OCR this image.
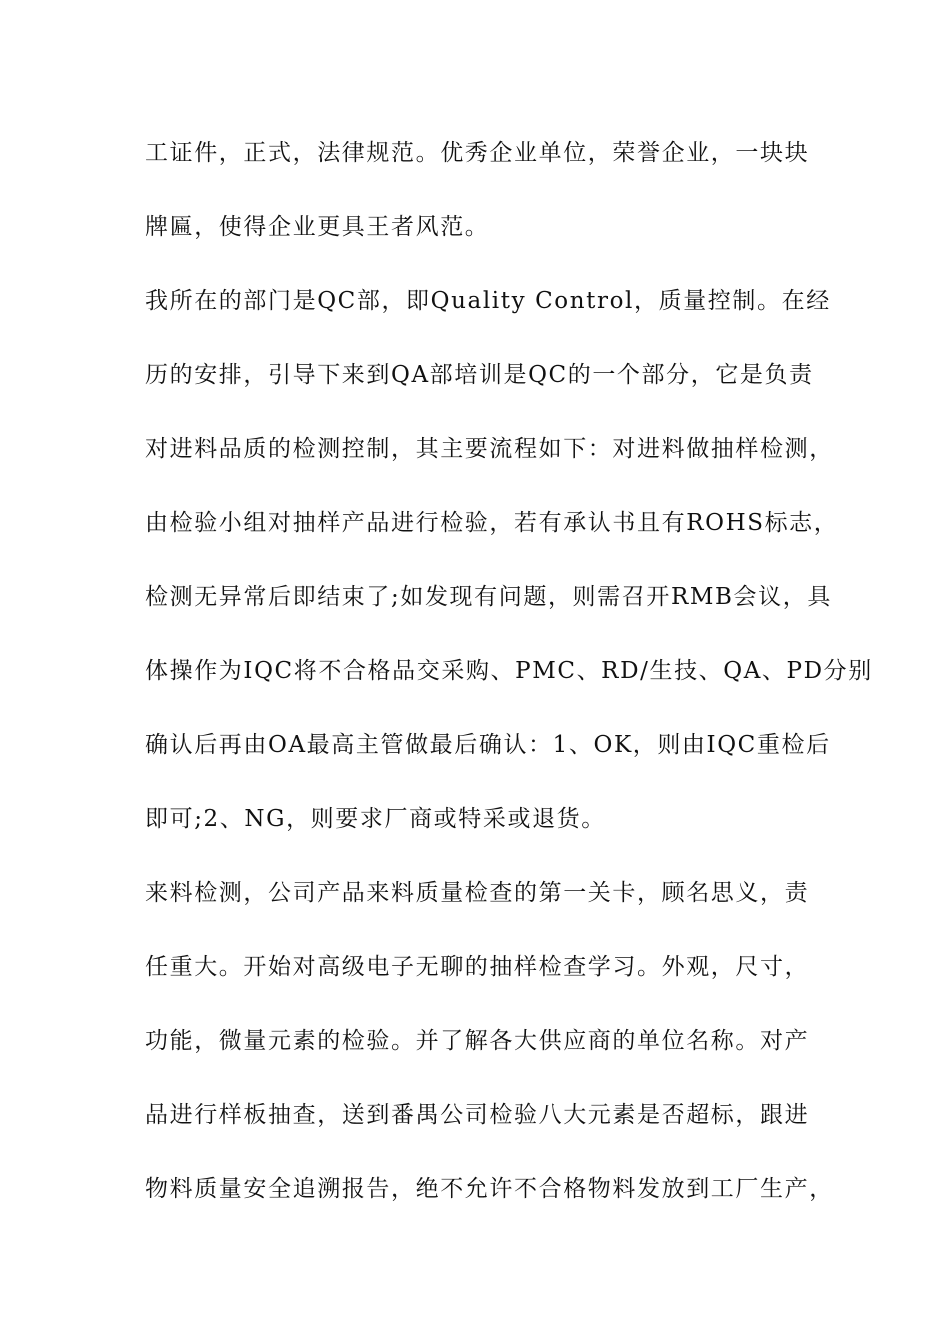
工证件，正式，法律规范。优秀企业单位，荣誉企业，一块块
牌匾，使得企业更具王者风范。
我所在的部门是QC部，即Quality Control，质量控制。在经
历的安排，引导下来到QA部培训是QC的一个部分，它是负责
对进料品质的检测控制，其主要流程如下：对进料做抽样检测，
由检验小组对抽样产品进行检验，若有承认书且有ROHS标志，
检测无异常后即结束了;如发现有问题，则需召开RMB会议，具
体操作为IQC将不合格品交采购、PMC、RD/生技、QA、PD分别
确认后再由OA最高主管做最后确认：1、OK，则由IQC重检后
即可;2、NG，则要求厂商或特采或退货。
来料检测，公司产品来料质量检查的第一关卡，顾名思义，责
任重大。开始对高级电子无聊的抽样检查学习。外观，尺寸，
功能，微量元素的检验。并了解各大供应商的单位名称。对产
品进行样板抽查，送到番禺公司检验八大元素是否超标，跟进
物料质量安全追溯报告，绝不允许不合格物料发放到工厂生产，
